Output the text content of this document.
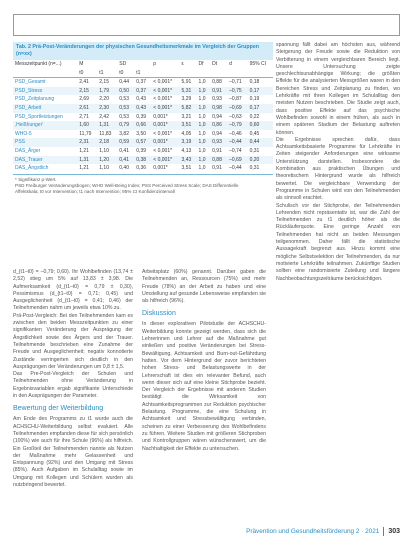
Tab. 2 Prä-Post-Veränderungen der physischen Gesundheitsmerkmale im Vergleich der Gruppen (n=xx)
Messzeitpunkt (n=...)	M		SD		p	ε	Df	Dt	d	95% CI
	t0	t1	t0	t1						
PSD_Gesamt	2,41	2,15	0,44	0,37	< 0,001*	5,91	1,0	0,88	–0,71	0,18
PSD_Stress	2,15	1,79	0,50	0,37	< 0,001*	5,31	1,0	0,91	–0,75	0,17
PSD_Zeitplanung	2,69	2,20	0,53	0,43	< 0,001*	3,29	1,0	0,93	–0,87	0,19
PSD_Arbeit	2,61	2,30	0,53	0,43	< 0,001*	5,82	1,0	0,98	–0,69	0,17
PSD_Sportleistungen	2,71	2,42	0,53	0,39	0,001*	3,21	1,0	0,94	–0,63	0,22
‚Heißhunger‘	1,60	1,31	0,79	0,66	0,001*	3,51	1,0	0,86	–0,79	0,60
WHO-5	11,79	11,83	3,82	3,50	< 0,001*	4,05	1,0	0,94	–0,46	0,45
PSS	2,31	2,18	0,59	0,57	0,001*	3,19	1,0	0,93	–0,44	0,44
DAS_Ärger	1,21	1,10	0,41	0,39	< 0,001*	4,13	1,0	0,91	–0,74	0,31
DAS_Trauer	1,31	1,20	0,41	0,38	< 0,001*	3,43	1,0	0,88	–0,69	0,20
DAS_Ängstlich	1,21	1,10	0,40	0,36	0,001*	3,51	1,0	0,91	–0,44	0,31
* Signifikanz p-Wert.
PSD Freiburger Veränderungsbogen; WHO Well-Being Index; PSS Perceived Stress Scale; DAS Differentielle
Affektskala; t0 vor Intervention; t1 nach Intervention; 95% CI Konfidenzintervall

d_{t1–t0} = –0,79; 0,60). Ihr Wohlbefinden (13,74 ± 2,52) stieg um 5% auf 13,83 ± 3,98. Die Aufmerksamkeit (d_{t1–t0} = 0,79 ± 0,30), Pessimismus (d_{t1–t0} = 0,71; 0,45) und Ausgeglichenheit (d_{t1–t0} = 0,41; 0,46) der Teilnehmenden nahm um jeweils etwa 10% zu.

Prä-Post-Vergleich: Bei den Teilnehmenden kam es zwischen den beiden Messzeitpunkten zu einer signifikanten Veränderung der Ausprägung der Ängstlichkeit sowie des Ärgers und der Trauer. Teilnehmende beschrieben eine Zunahme der Freude und Ausgeglichenheit; negativ konnotierte Zustände verringerten sich deutlich in den Ausprägungen der Veränderungen um 0,8 ± 1,5.

Das Pre-Post-Vergleich der Schulen und Teilnehmenden ohne Veränderung in Ergebnisvariablen ergab signifikante Unterschiede in den Ausprägungen der Parameter.

Bewertung der Weiterbildung

Am Ende des Programms zu t1 wurde auch die ACHSCHU-Weiterbildung selbst evaluiert. Alle Teilnehmenden empfanden diese für sich persönlich (100%) wie auch für ihre Schule (96%) als hilfreich. Ein Großteil der Teilnehmenden nannte als Nutzen der Maßnahme mehr Gelassenheit und Entspannung (92%) und den Umgang mit Stress (85%). Auch Aufgaben im Schulalltag sowie im Umgang mit Kollegen und Schülern wurden als nutzbringend bewertet.

Arbeitsplatz (60%) genannt. Darüber gaben die Teilnehmenden an, Ressourcen (75%) und mehr Freude (78%) an der Arbeit zu haben und eine Umstellung auf gesunde Lebensweise empfanden sie als hilfreich (96%).

Diskussion

In dieser explorativen Pilotstudie der ACHSCHU-Weiterbildung konnte gezeigt werden, dass sich die Lehrerinnen und Lehrer auf die Maßnahme gut einließen und positive Veränderungen bei Stress-Bewältigung, Achtsamkeit und Burn-out-Gefährdung hatten. Vor dem Hintergrund der zuvor berichteten hohen Stress- und Belastungswerte in der Lehrerschaft ist dies ein relevanter Befund, auch wenn dieser sich auf eine kleine Stichprobe bezieht. Der Vergleich der Ergebnisse mit anderen Studien bestätigt die Wirksamkeit von Achtsamkeitsprogrammen zur Reduktion psychischer Belastung. Programme, die eine Schulung in Achtsamkeit und Stressbewältigung verbinden, scheinen zu einer Verbesserung des Wohlbefindens zu führen. Weitere Studien mit größeren Stichproben und Kontrollgruppen wären wünschenswert, um die Nachhaltigkeit der Effekte zu untersuchen.

spannung fällt dabei am höchsten aus, während Steigerung der Freude sowie die Reduktion von Verbitterung in einem vergleichbaren Bereich liegt. Unsere Untersuchung zeigte geschlechtsunabhängige Wirkung; die größten Effekte für die analysierten Messgrößen waren in den Bereichen Stress und Zeitplanung zu finden, wo Lehrkräfte mit ihren Kollegen im Schulalltag den meisten Nutzen beschrieben. Die Studie zeigt auch, dass positive Effekte auf das psychische Wohlbefinden sowohl in einem frühen, als auch in einem späteren Stadium der Belastung auftreten können.

Die Ergebnisse sprechen dafür, dass Achtsamkeitsbasierte Programme für Lehrkräfte in Zeiten steigender Anforderungen eine wirksame Unterstützung darstellen. Insbesondere die Kombination aus praktischen Übungen und theoretischem Hintergrund wurde als hilfreich bewertet. Die vergleichbare Verwendung der Programme in Schulen wird von den Teilnehmenden als sinnvoll erachtet.

Schulisch vor der Stichprobe, der Teilnehmenden Lehrenden nicht repräsentativ ist, war die Zahl der Teilnehmenden zu t1 deutlich höher als die Rückläuferquote. Eine geringe Anzahl von Teilnehmenden hat nicht an beiden Messungen teilgenommen. Daher fällt die statistische Aussagekraft begrenzt aus. Hinzu kommt eine mögliche Selbstselektion der Teilnehmenden, da nur motivierte Lehrkräfte teilnahmen. Zukünftige Studien sollten eine randomisierte Zuteilung und längere Nachbeobachtungszeiträume berücksichtigen.

Prävention und Gesundheitsförderung 2 · 2021 303
